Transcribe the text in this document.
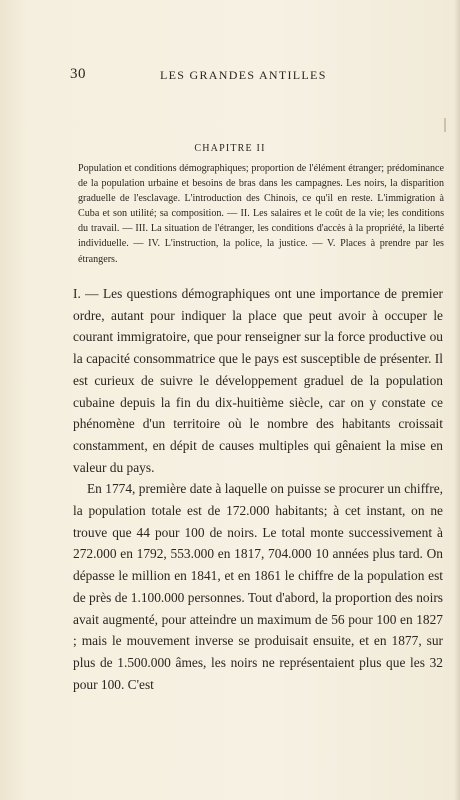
30	LES GRANDES ANTILLES
CHAPITRE II
Population et conditions démographiques; proportion de l'élément étranger; prédominance de la population urbaine et besoins de bras dans les campagnes. Les noirs, la disparition graduelle de l'esclavage. L'introduction des Chinois, ce qu'il en reste. L'immigration à Cuba et son utilité; sa composition. — II. Les salaires et le coût de la vie; les conditions du travail. — III. La situation de l'étranger, les conditions d'accès à la propriété, la liberté individuelle. — IV. L'instruction, la police, la justice. — V. Places à prendre par les étrangers.

I. — Les questions démographiques ont une importance de premier ordre, autant pour indiquer la place que peut avoir à occuper le courant immigratoire, que pour renseigner sur la force productive ou la capacité consommatrice que le pays est susceptible de présenter. Il est curieux de suivre le développement graduel de la population cubaine depuis la fin du dix-huitième siècle, car on y constate ce phénomène d'un territoire où le nombre des habitants croissait constamment, en dépit de causes multiples qui gênaient la mise en valeur du pays.

En 1774, première date à laquelle on puisse se procurer un chiffre, la population totale est de 172.000 habitants; à cet instant, on ne trouve que 44 pour 100 de noirs. Le total monte successivement à 272.000 en 1792, 553.000 en 1817, 704.000 10 années plus tard. On dépasse le million en 1841, et en 1861 le chiffre de la population est de près de 1.100.000 personnes. Tout d'abord, la proportion des noirs avait augmenté, pour atteindre un maximum de 56 pour 100 en 1827 ; mais le mouvement inverse se produisait ensuite, et en 1877, sur plus de 1.500.000 âmes, les noirs ne représentaient plus que les 32 pour 100. C'est
